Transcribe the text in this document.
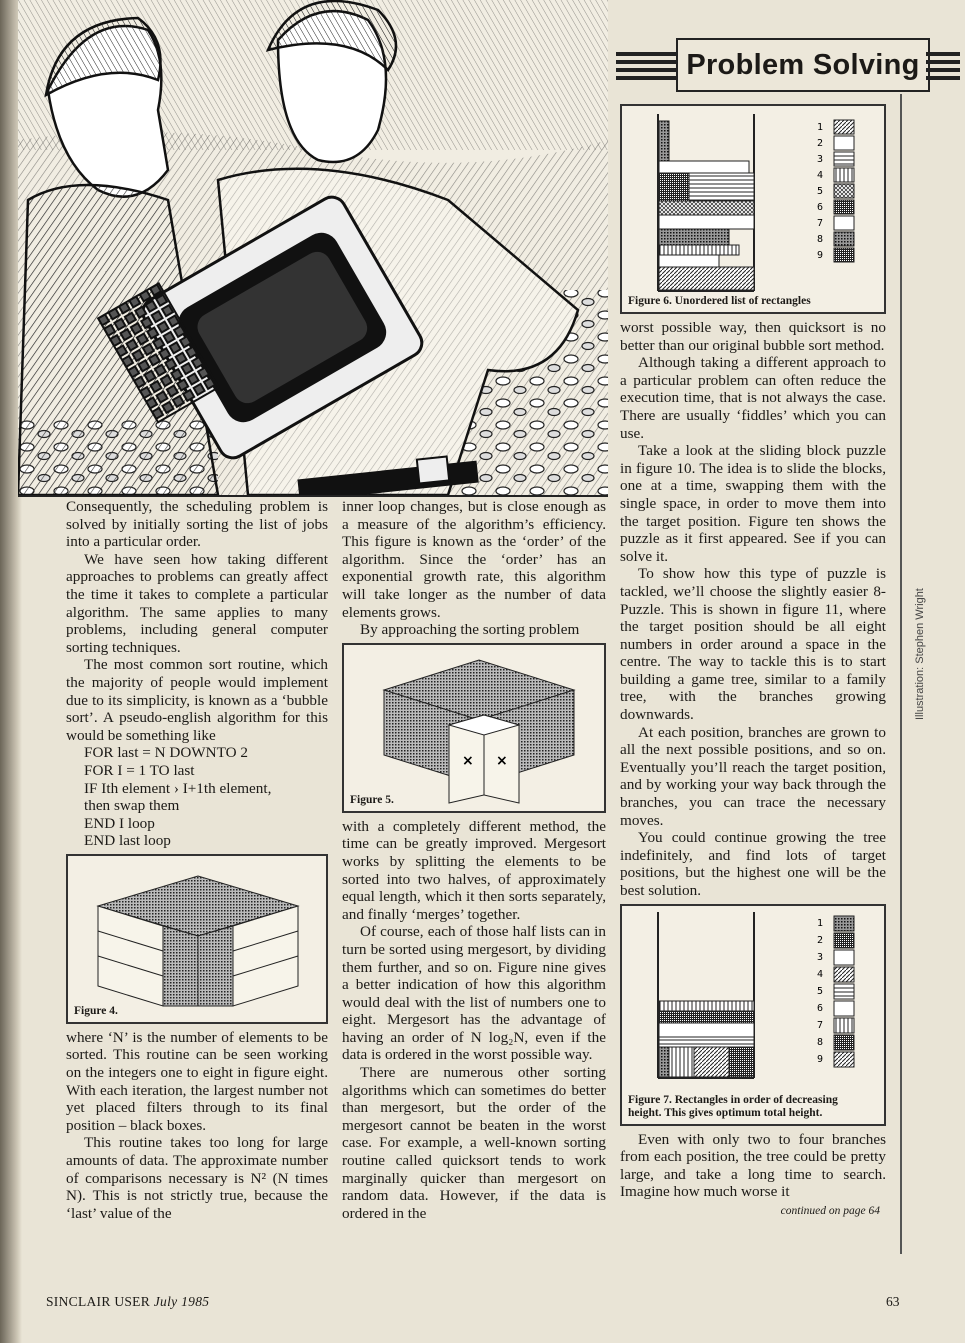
Problem Solving
Illustration: Stephen Wright

Consequently, the scheduling problem is solved by initially sorting the list of jobs into a particular order.

We have seen how taking different approaches to problems can greatly affect the time it takes to complete a particular algorithm. The same applies to many problems, including general computer sorting techniques.

The most common sort routine, which the majority of people would implement due to its simplicity, is known as a ‘bubble sort’. A pseudo-english algorithm for this would be something like

FOR last = N DOWNTO 2
FOR I = 1 TO last
IF Ith element › I+1th element,
then swap them
END I loop
END last loop
Figure 4.

where ‘N’ is the number of elements to be sorted. This routine can be seen working on the integers one to eight in figure eight. With each iteration, the largest number not yet placed filters through to its final position – black boxes.

This routine takes too long for large amounts of data. The approximate number of comparisons necessary is N² (N times N). This is not strictly true, because the ‘last’ value of the

inner loop changes, but is close enough as a measure of the algorithm’s efficiency. This figure is known as the ‘order’ of the algorithm. Since the ‘order’ has an exponential growth rate, this algorithm will take longer as the number of data elements grows.

By approaching the sorting problem

× ×
Figure 5.

with a completely different method, the time can be greatly improved. Mergesort works by splitting the elements to be sorted into two halves, of approximately equal length, which it then sorts separately, and finally ‘merges’ together.

Of course, each of those half lists can in turn be sorted using mergesort, by dividing them further, and so on. Figure nine gives a better indication of how this algorithm would deal with the list of numbers one to eight. Mergesort has the advantage of having an order of N log₂N, even if the data is ordered in the worst possible way.

There are numerous other sorting algorithms which can sometimes do better than mergesort, but the order of the mergesort cannot be beaten in the worst case. For example, a well-known sorting routine called quicksort tends to work marginally quicker than mergesort on random data. However, if the data is ordered in the

1
2
3
4
5
6
7
8
9
Figure 6. Unordered list of rectangles

worst possible way, then quicksort is no better than our original bubble sort method.

Although taking a different approach to a particular problem can often reduce the execution time, that is not always the case. There are usually ‘fiddles’ which you can use.

Take a look at the sliding block puzzle in figure 10. The idea is to slide the blocks, one at a time, swapping them with the single space, in order to move them into the target position. Figure ten shows the puzzle as it first appeared. See if you can solve it.

To show how this type of puzzle is tackled, we’ll choose the slightly easier 8-Puzzle. This is shown in figure 11, where the target position should be all eight numbers in order around a space in the centre. The way to tackle this is to start building a game tree, similar to a family tree, with the branches growing downwards.

At each position, branches are grown to all the next possible positions, and so on. Eventually you’ll reach the target position, and by working your way back through the branches, you can trace the necessary moves.

You could continue growing the tree indefinitely, and find lots of target positions, but the highest one will be the best solution.

1
2
3
4
5
6
7
8
9
Figure 7. Rectangles in order of decreasing
height. This gives optimum total height.

Even with only two to four branches from each position, the tree could be pretty large, and take a long time to search. Imagine how much worse it

continued on page 64
SINCLAIR USER July 1985	63
